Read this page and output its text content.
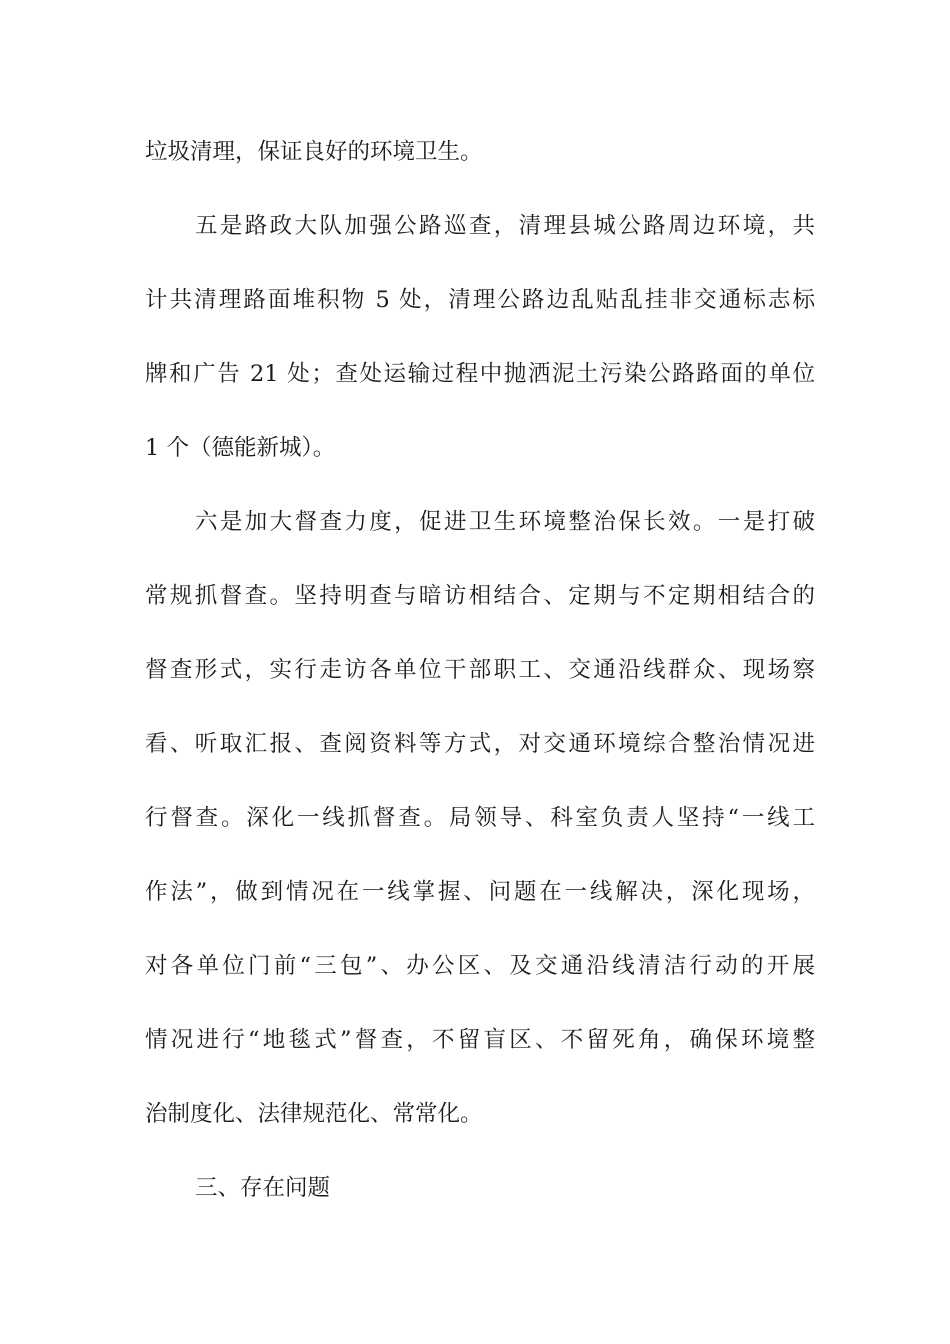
垃圾清理，保证良好的环境卫生。
五是路政大队加强公路巡查，清理县城公路周边环境，共
计共清理路面堆积物 5 处，清理公路边乱贴乱挂非交通标志标
牌和广告 21 处；查处运输过程中抛洒泥土污染公路路面的单位
1 个（德能新城）。
六是加大督查力度，促进卫生环境整治保长效。一是打破
常规抓督查。坚持明查与暗访相结合、定期与不定期相结合的
督查形式，实行走访各单位干部职工、交通沿线群众、现场察
看、听取汇报、查阅资料等方式，对交通环境综合整治情况进
行督查。深化一线抓督查。局领导、科室负责人坚持“一线工
作法”，做到情况在一线掌握、问题在一线解决，深化现场，
对各单位门前“三包”、办公区、及交通沿线清洁行动的开展
情况进行“地毯式”督查，不留盲区、不留死角，确保环境整
治制度化、法律规范化、常常化。
三、存在问题
